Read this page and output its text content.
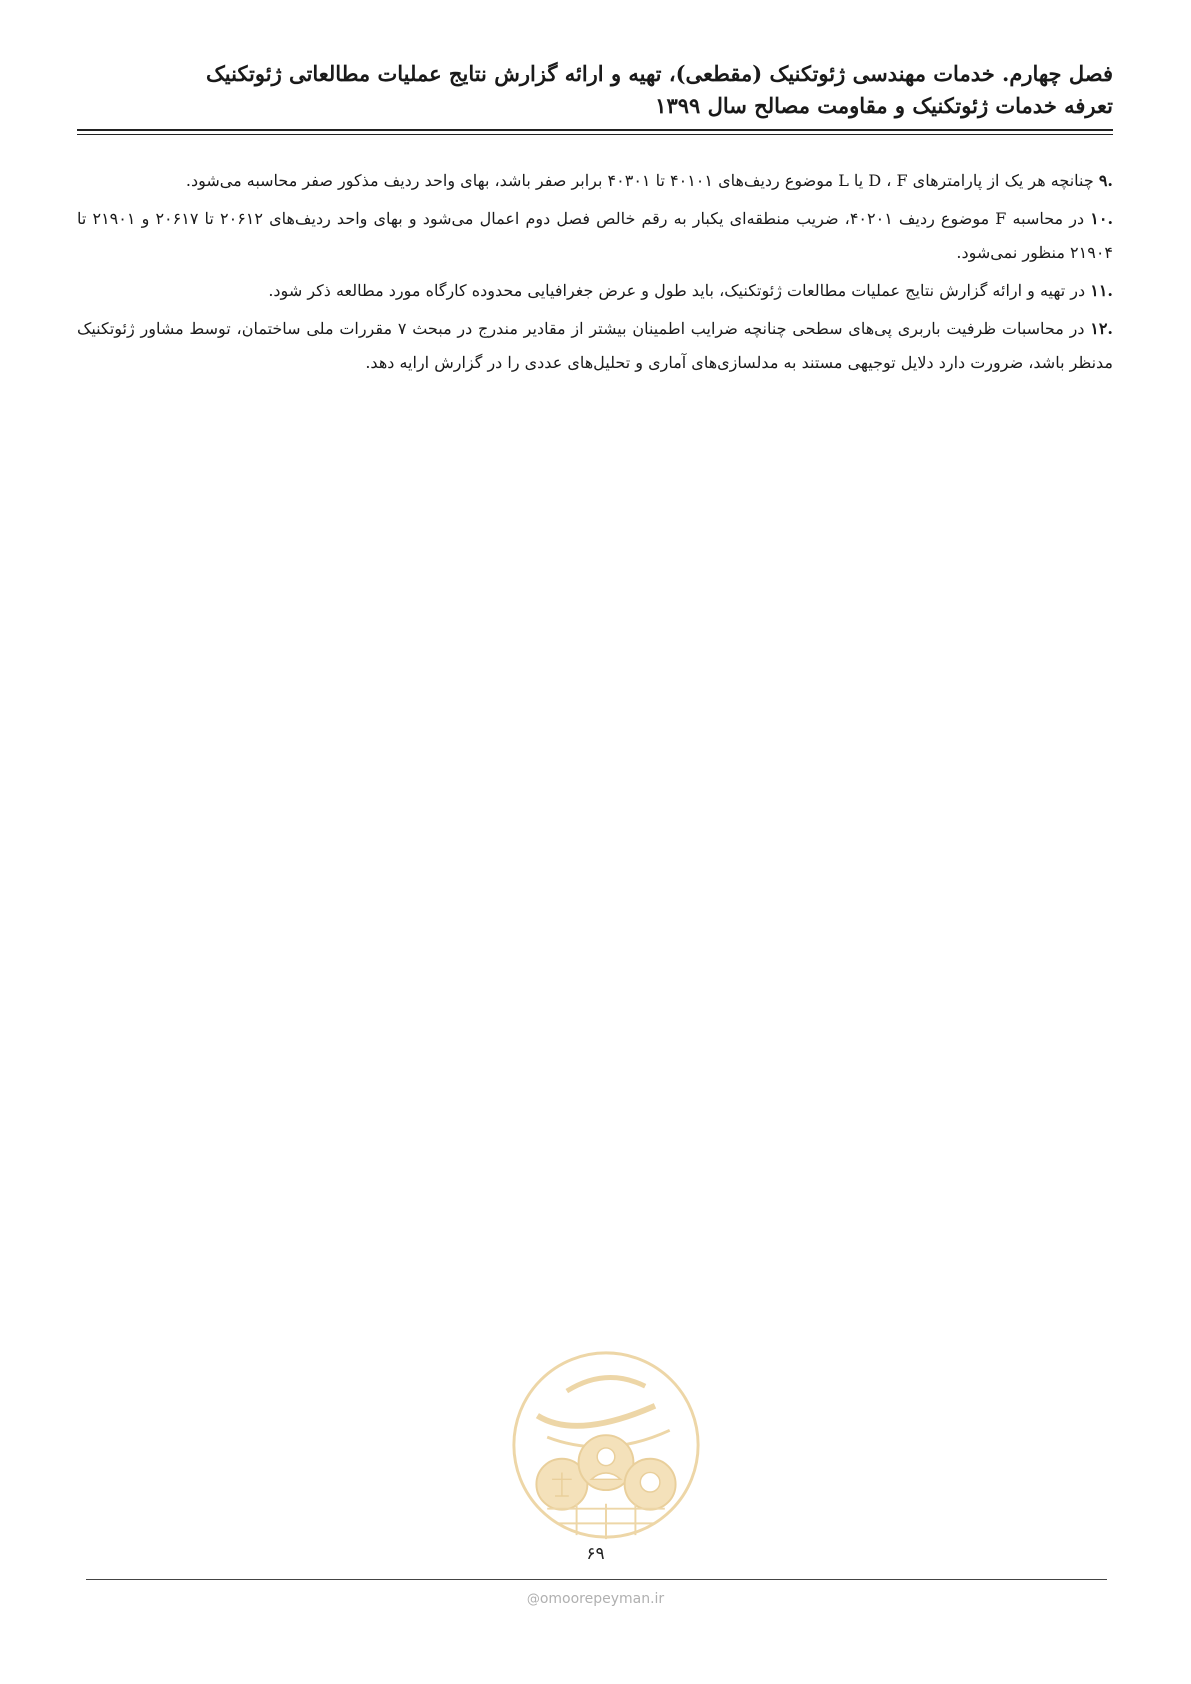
فصل چهارم. خدمات مهندسی ژئوتکنیک (مقطعی)، تهیه و ارائه گزارش نتایج عملیات مطالعاتی ژئوتکنیک
تعرفه خدمات ژئوتکنیک و مقاومت مصالح سال ۱۳۹۹

.۹ چنانچه هر یک از پارامترهای D ، F یا L موضوع ردیف‌های ۴۰۱۰۱ تا ۴۰۳۰۱ برابر صفر باشد، بهای واحد ردیف مذکور صفر محاسبه می‌شود.

.۱۰ در محاسبه F موضوع ردیف ۴۰۲۰۱، ضریب منطقه‌ای یکبار به رقم خالص فصل دوم اعمال می‌شود و بهای واحد ردیف‌های ۲۰۶۱۲ تا ۲۰۶۱۷ و ۲۱۹۰۱ تا ۲۱۹۰۴ منظور نمی‌شود.

.۱۱ در تهیه و ارائه گزارش نتایج عملیات مطالعات ژئوتکنیک، باید طول و عرض جغرافیایی محدوده کارگاه مورد مطالعه ذکر شود.

.۱۲ در محاسبات ظرفیت باربری پی‌های سطحی چنانچه ضرایب اطمینان بیشتر از مقادیر مندرج در مبحث ۷ مقررات ملی ساختمان، توسط مشاور ژئوتکنیک مدنظر باشد، ضرورت دارد دلایل توجیهی مستند به مدلسازی‌های آماری و تحلیل‌های عددی را در گزارش ارایه دهد.

۶۹
@omoorepeyman.ir
